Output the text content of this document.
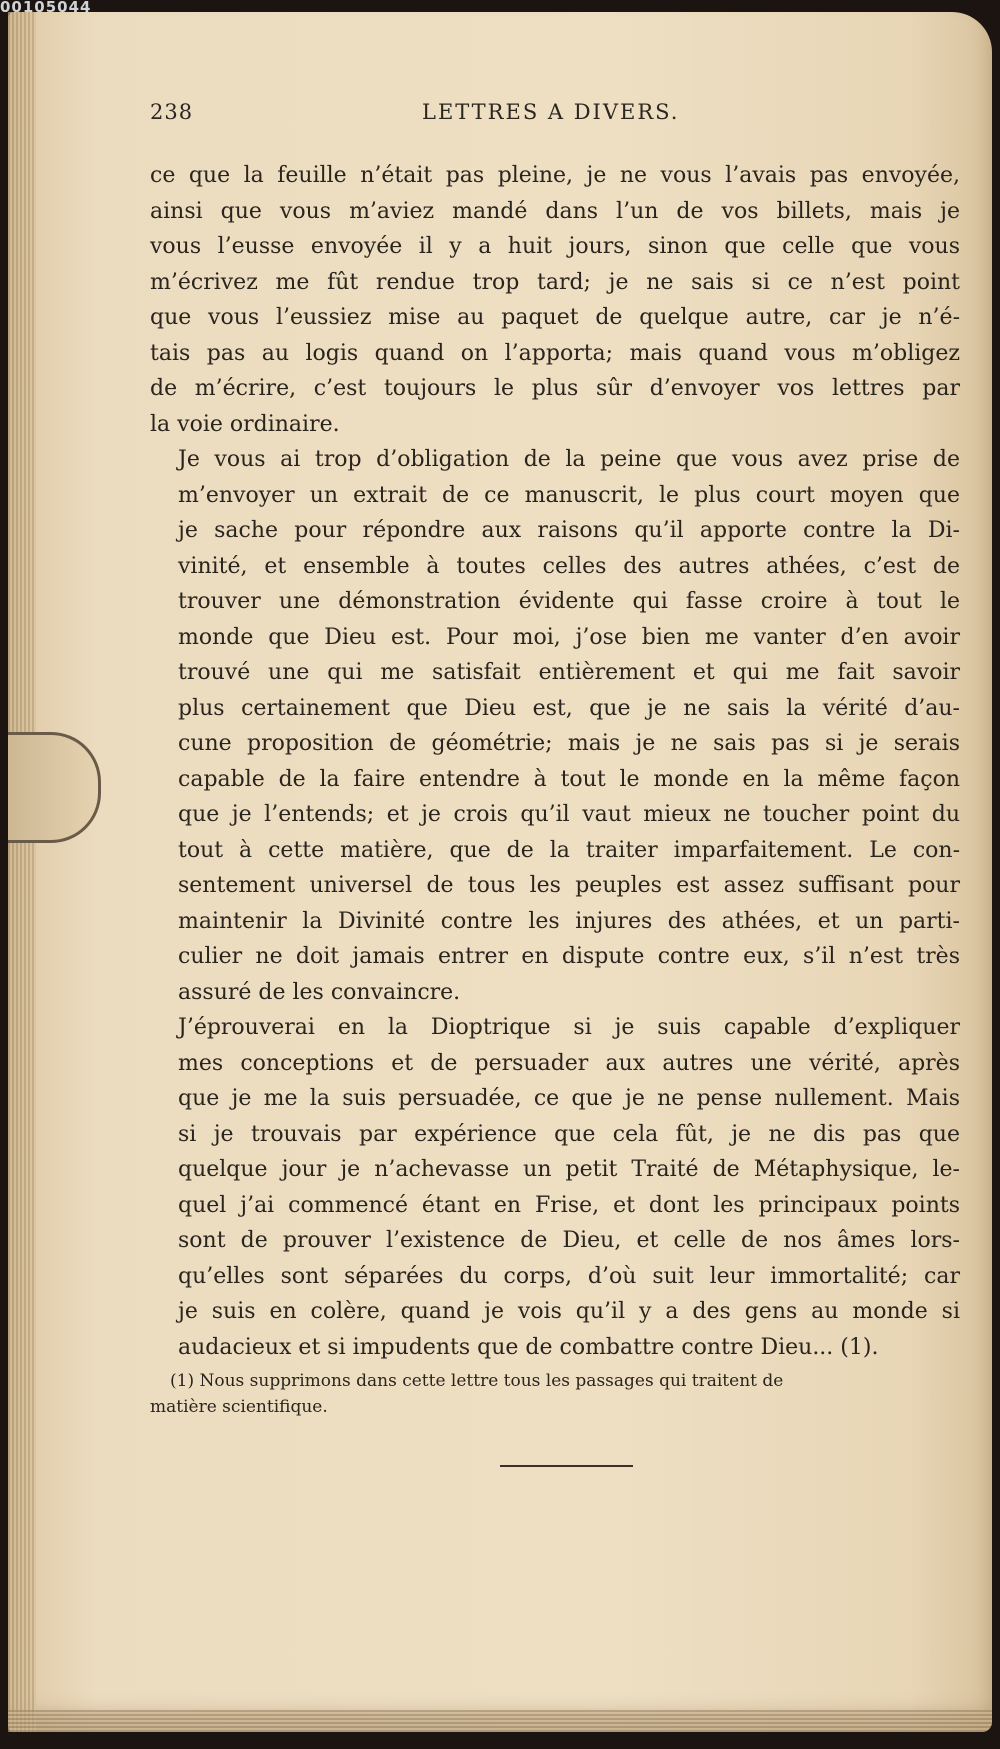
00105044
238	LETTRES A DIVERS.

ce que la feuille n’était pas pleine, je ne vous l’avais pas envoyée,
ainsi que vous m’aviez mandé dans l’un de vos billets, mais je
vous l’eusse envoyée il y a huit jours, sinon que celle que vous
m’écrivez me fût rendue trop tard; je ne sais si ce n’est point
que vous l’eussiez mise au paquet de quelque autre, car je n’é-
tais pas au logis quand on l’apporta; mais quand vous m’obligez
de m’écrire, c’est toujours le plus sûr d’envoyer vos lettres par
la voie ordinaire.

Je vous ai trop d’obligation de la peine que vous avez prise de
m’envoyer un extrait de ce manuscrit, le plus court moyen que
je sache pour répondre aux raisons qu’il apporte contre la Di-
vinité, et ensemble à toutes celles des autres athées, c’est de
trouver une démonstration évidente qui fasse croire à tout le
monde que Dieu est. Pour moi, j’ose bien me vanter d’en avoir
trouvé une qui me satisfait entièrement et qui me fait savoir
plus certainement que Dieu est, que je ne sais la vérité d’au-
cune proposition de géométrie; mais je ne sais pas si je serais
capable de la faire entendre à tout le monde en la même façon
que je l’entends; et je crois qu’il vaut mieux ne toucher point du
tout à cette matière, que de la traiter imparfaitement. Le con-
sentement universel de tous les peuples est assez suffisant pour
maintenir la Divinité contre les injures des athées, et un parti-
culier ne doit jamais entrer en dispute contre eux, s’il n’est très
assuré de les convaincre.

J’éprouverai en la Dioptrique si je suis capable d’expliquer
mes conceptions et de persuader aux autres une vérité, après
que je me la suis persuadée, ce que je ne pense nullement. Mais
si je trouvais par expérience que cela fût, je ne dis pas que
quelque jour je n’achevasse un petit Traité de Métaphysique, le-
quel j’ai commencé étant en Frise, et dont les principaux points
sont de prouver l’existence de Dieu, et celle de nos âmes lors-
qu’elles sont séparées du corps, d’où suit leur immortalité; car
je suis en colère, quand je vois qu’il y a des gens au monde si
audacieux et si impudents que de combattre contre Dieu... (1).

(1) Nous supprimons dans cette lettre tous les passages qui traitent de
matière scientifique.
